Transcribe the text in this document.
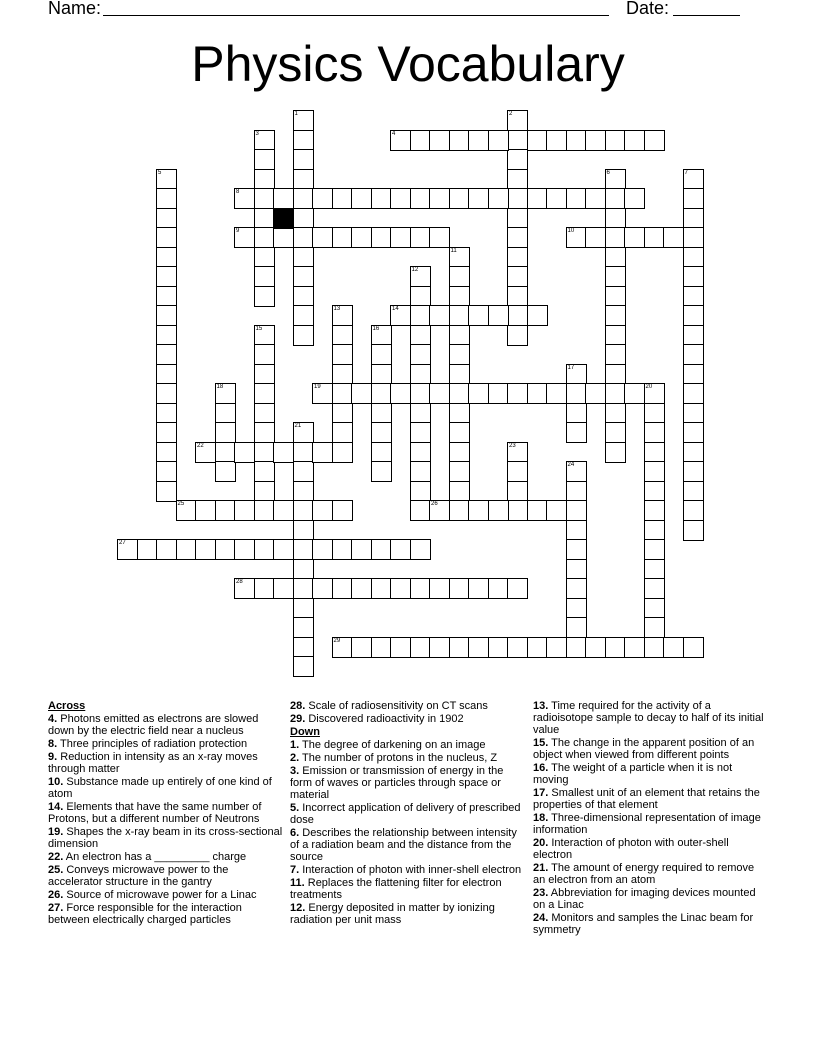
Name:	Date:
Physics Vocabulary
1	2
3	4
5	6	7
8
9	10
11
12
13	14
15	16
17
18	19	20
21
22	23
24
25	26
27
28
29

Across

4. Photons emitted as electrons are slowed down by the electric field near a nucleus

8. Three principles of radiation protection

9. Reduction in intensity as an x-ray moves through matter

10. Substance made up entirely of one kind of atom

14. Elements that have the same number of Protons, but a different number of Neutrons

19. Shapes the x-ray beam in its cross-sectional dimension

22. An electron has a _________ charge

25. Conveys microwave power to the accelerator structure in the gantry

26. Source of microwave power for a Linac

27. Force responsible for the interaction between electrically charged particles

28. Scale of radiosensitivity on CT scans

29. Discovered radioactivity in 1902

Down

1. The degree of darkening on an image

2. The number of protons in the nucleus, Z

3. Emission or transmission of energy in the form of waves or particles through space or material

5. Incorrect application of delivery of prescribed dose

6. Describes the relationship between intensity of a radiation beam and the distance from the source

7. Interaction of photon with inner-shell electron

11. Replaces the flattening filter for electron treatments

12. Energy deposited in matter by ionizing radiation per unit mass

13. Time required for the activity of a radioisotope sample to decay to half of its initial value

15. The change in the apparent position of an object when viewed from different points

16. The weight of a particle when it is not moving

17. Smallest unit of an element that retains the properties of that element

18. Three-dimensional representation of image information

20. Interaction of photon with outer-shell electron

21. The amount of energy required to remove an electron from an atom

23. Abbreviation for imaging devices mounted on a Linac

24. Monitors and samples the Linac beam for symmetry
